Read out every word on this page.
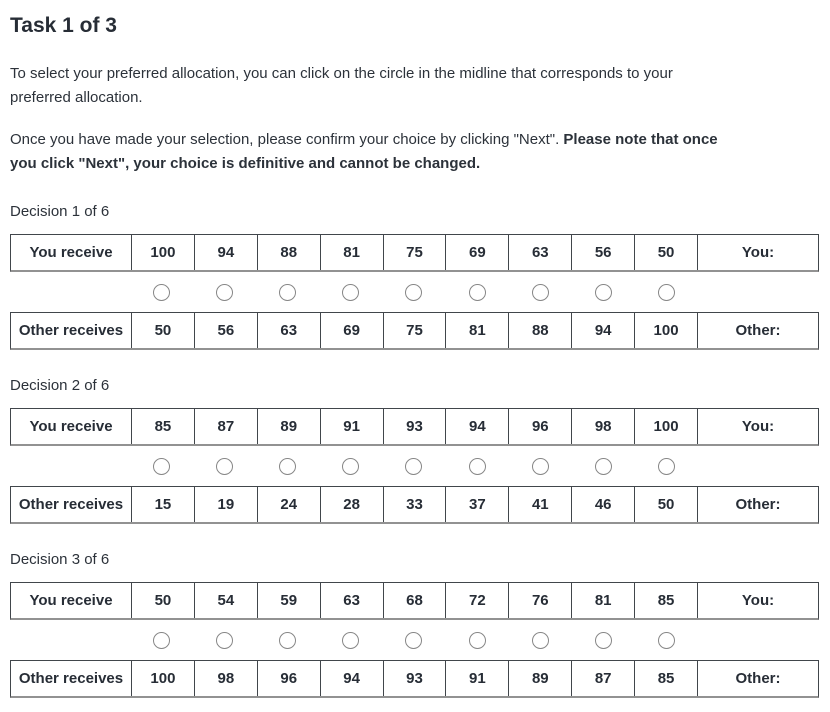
Task 1 of 3

To select your preferred allocation, you can click on the circle in the midline that corresponds to your
preferred allocation.

Once you have made your selection, please confirm your choice by clicking "Next". Please note that once
you click "Next", your choice is definitive and cannot be changed.

Decision 1 of 6
You receive	100	94	88	81	75	69	63	56	50	You:
Other receives	50	56	63	69	75	81	88	94	100	Other:
Decision 2 of 6
You receive	85	87	89	91	93	94	96	98	100	You:
Other receives	15	19	24	28	33	37	41	46	50	Other:
Decision 3 of 6
You receive	50	54	59	63	68	72	76	81	85	You:
Other receives	100	98	96	94	93	91	89	87	85	Other:
